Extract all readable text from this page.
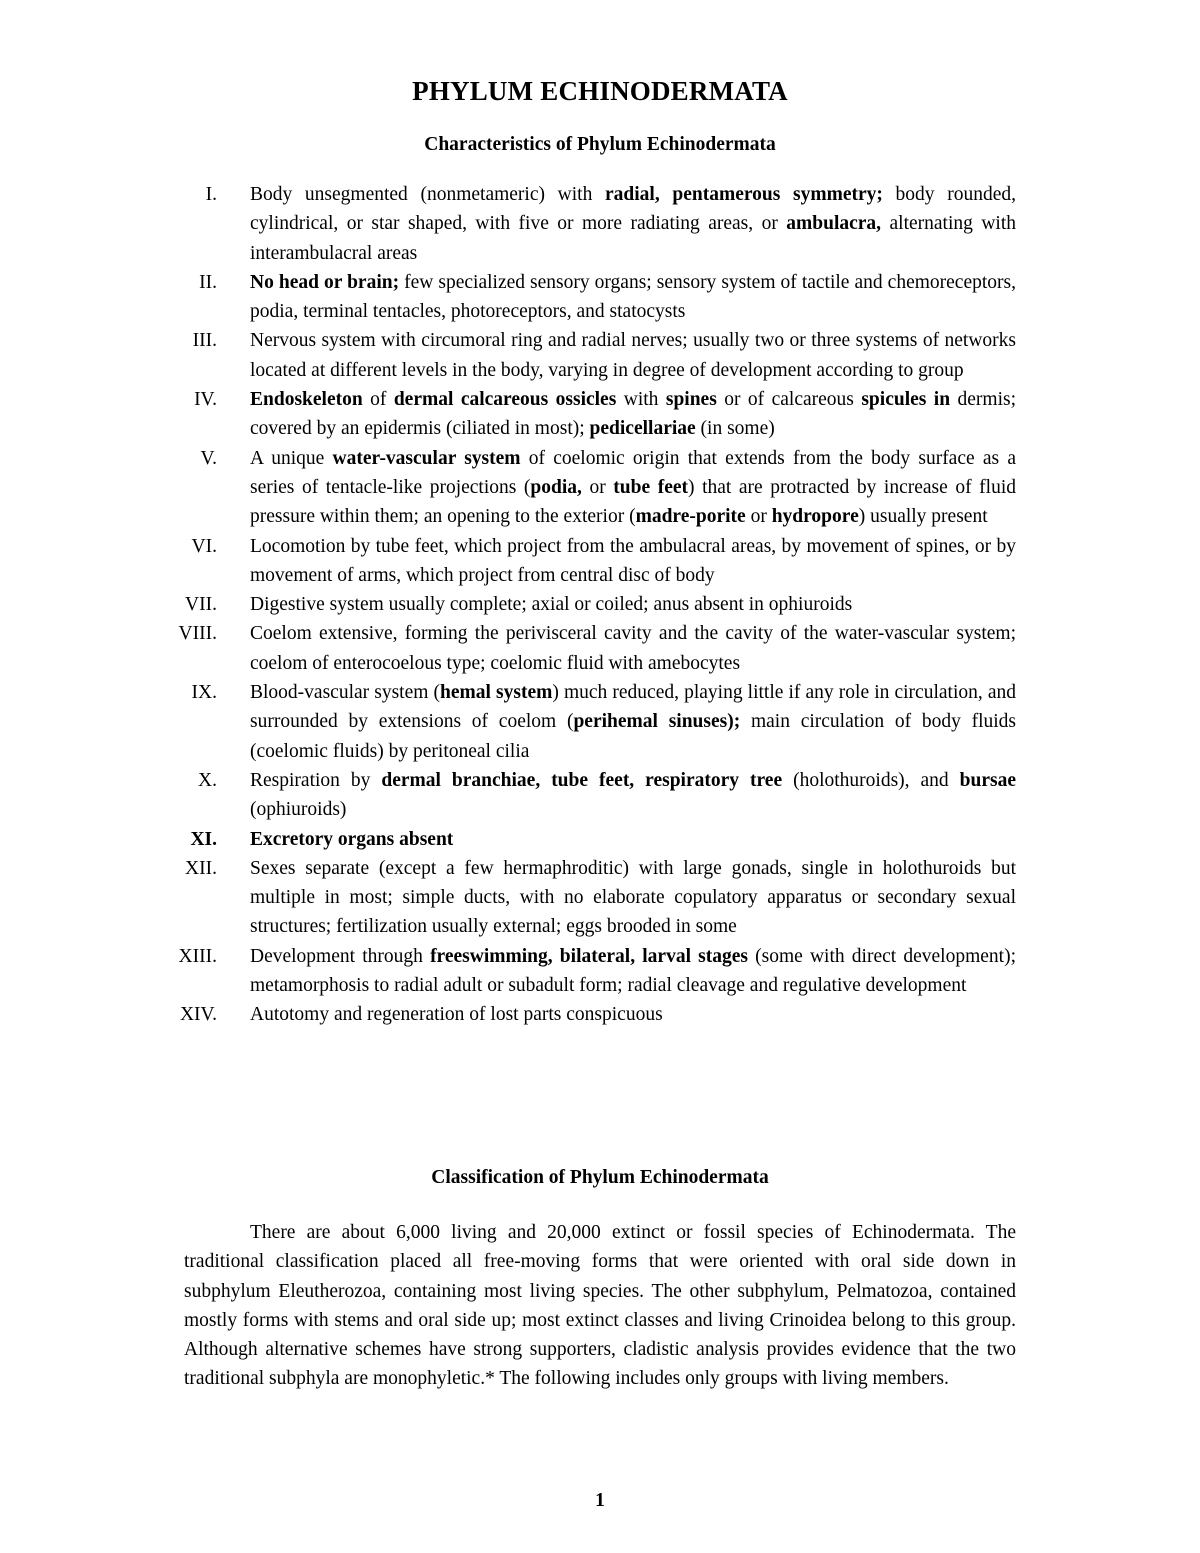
PHYLUM ECHINODERMATA
Characteristics of Phylum Echinodermata
I. Body unsegmented (nonmetameric) with radial, pentamerous symmetry; body rounded, cylindrical, or star shaped, with five or more radiating areas, or ambulacra, alternating with interambulacral areas
II. No head or brain; few specialized sensory organs; sensory system of tactile and chemoreceptors, podia, terminal tentacles, photoreceptors, and statocysts
III. Nervous system with circumoral ring and radial nerves; usually two or three systems of networks located at different levels in the body, varying in degree of development according to group
IV. Endoskeleton of dermal calcareous ossicles with spines or of calcareous spicules in dermis; covered by an epidermis (ciliated in most); pedicellariae (in some)
V. A unique water-vascular system of coelomic origin that extends from the body surface as a series of tentacle-like projections (podia, or tube feet) that are protracted by increase of fluid pressure within them; an opening to the exterior (madre-porite or hydropore) usually present
VI. Locomotion by tube feet, which project from the ambulacral areas, by movement of spines, or by movement of arms, which project from central disc of body
VII. Digestive system usually complete; axial or coiled; anus absent in ophiuroids
VIII. Coelom extensive, forming the perivisceral cavity and the cavity of the water-vascular system; coelom of enterocoelous type; coelomic fluid with amebocytes
IX. Blood-vascular system (hemal system) much reduced, playing little if any role in circulation, and surrounded by extensions of coelom (perihemal sinuses); main circulation of body fluids (coelomic fluids) by peritoneal cilia
X. Respiration by dermal branchiae, tube feet, respiratory tree (holothuroids), and bursae (ophiuroids)
XI. Excretory organs absent
XII. Sexes separate (except a few hermaphroditic) with large gonads, single in holothuroids but multiple in most; simple ducts, with no elaborate copulatory apparatus or secondary sexual structures; fertilization usually external; eggs brooded in some
XIII. Development through freeswimming, bilateral, larval stages (some with direct development); metamorphosis to radial adult or subadult form; radial cleavage and regulative development
XIV. Autotomy and regeneration of lost parts conspicuous
Classification of Phylum Echinodermata

There are about 6,000 living and 20,000 extinct or fossil species of Echinodermata. The traditional classification placed all free-moving forms that were oriented with oral side down in subphylum Eleutherozoa, containing most living species. The other subphylum, Pelmatozoa, contained mostly forms with stems and oral side up; most extinct classes and living Crinoidea belong to this group. Although alternative schemes have strong supporters, cladistic analysis provides evidence that the two traditional subphyla are monophyletic.* The following includes only groups with living members.

1
